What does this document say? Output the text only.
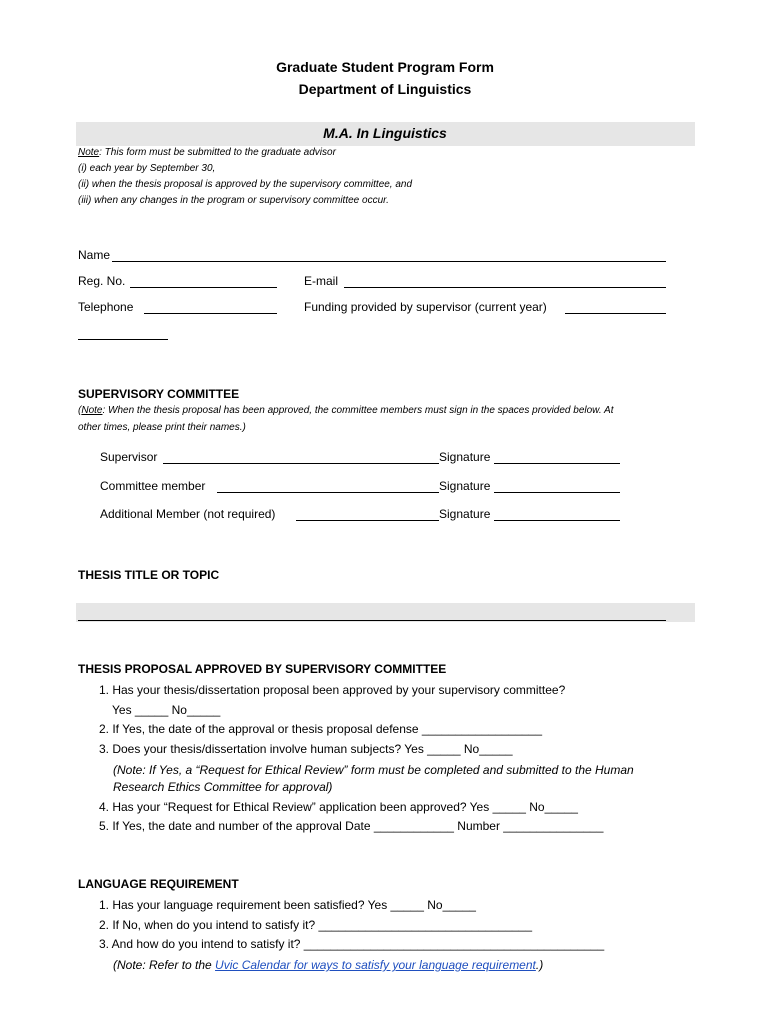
Graduate Student Program Form
Department of Linguistics
M.A. In Linguistics
Note: This form must be submitted to the graduate advisor
(i) each year by September 30,
(ii) when the thesis proposal is approved by the supervisory committee, and
(iii) when any changes in the program or supervisory committee occur.
Name
Reg. No.	E-mail
Telephone	Funding provided by supervisor (current year)
SUPERVISORY COMMITTEE
(Note: When the thesis proposal has been approved, the committee members must sign in the spaces provided below. At
other times, please print their names.)
Supervisor	Signature
Committee member	Signature
Additional Member (not required)	Signature
THESIS TITLE OR TOPIC
THESIS PROPOSAL APPROVED BY SUPERVISORY COMMITTEE
1. Has your thesis/dissertation proposal been approved by your supervisory committee?
Yes _____ No_____
2. If Yes, the date of the approval or thesis proposal defense __________________
3. Does your thesis/dissertation involve human subjects? Yes _____ No_____
(Note: If Yes, a “Request for Ethical Review” form must be completed and submitted to the Human
Research Ethics Committee for approval)
4. Has your “Request for Ethical Review” application been approved? Yes _____ No_____
5. If Yes, the date and number of the approval Date ____________ Number _______________
LANGUAGE REQUIREMENT
1. Has your language requirement been satisfied? Yes _____ No_____
2. If No, when do you intend to satisfy it? ________________________________
3. And how do you intend to satisfy it? _____________________________________________
(Note: Refer to the Uvic Calendar for ways to satisfy your language requirement.)
